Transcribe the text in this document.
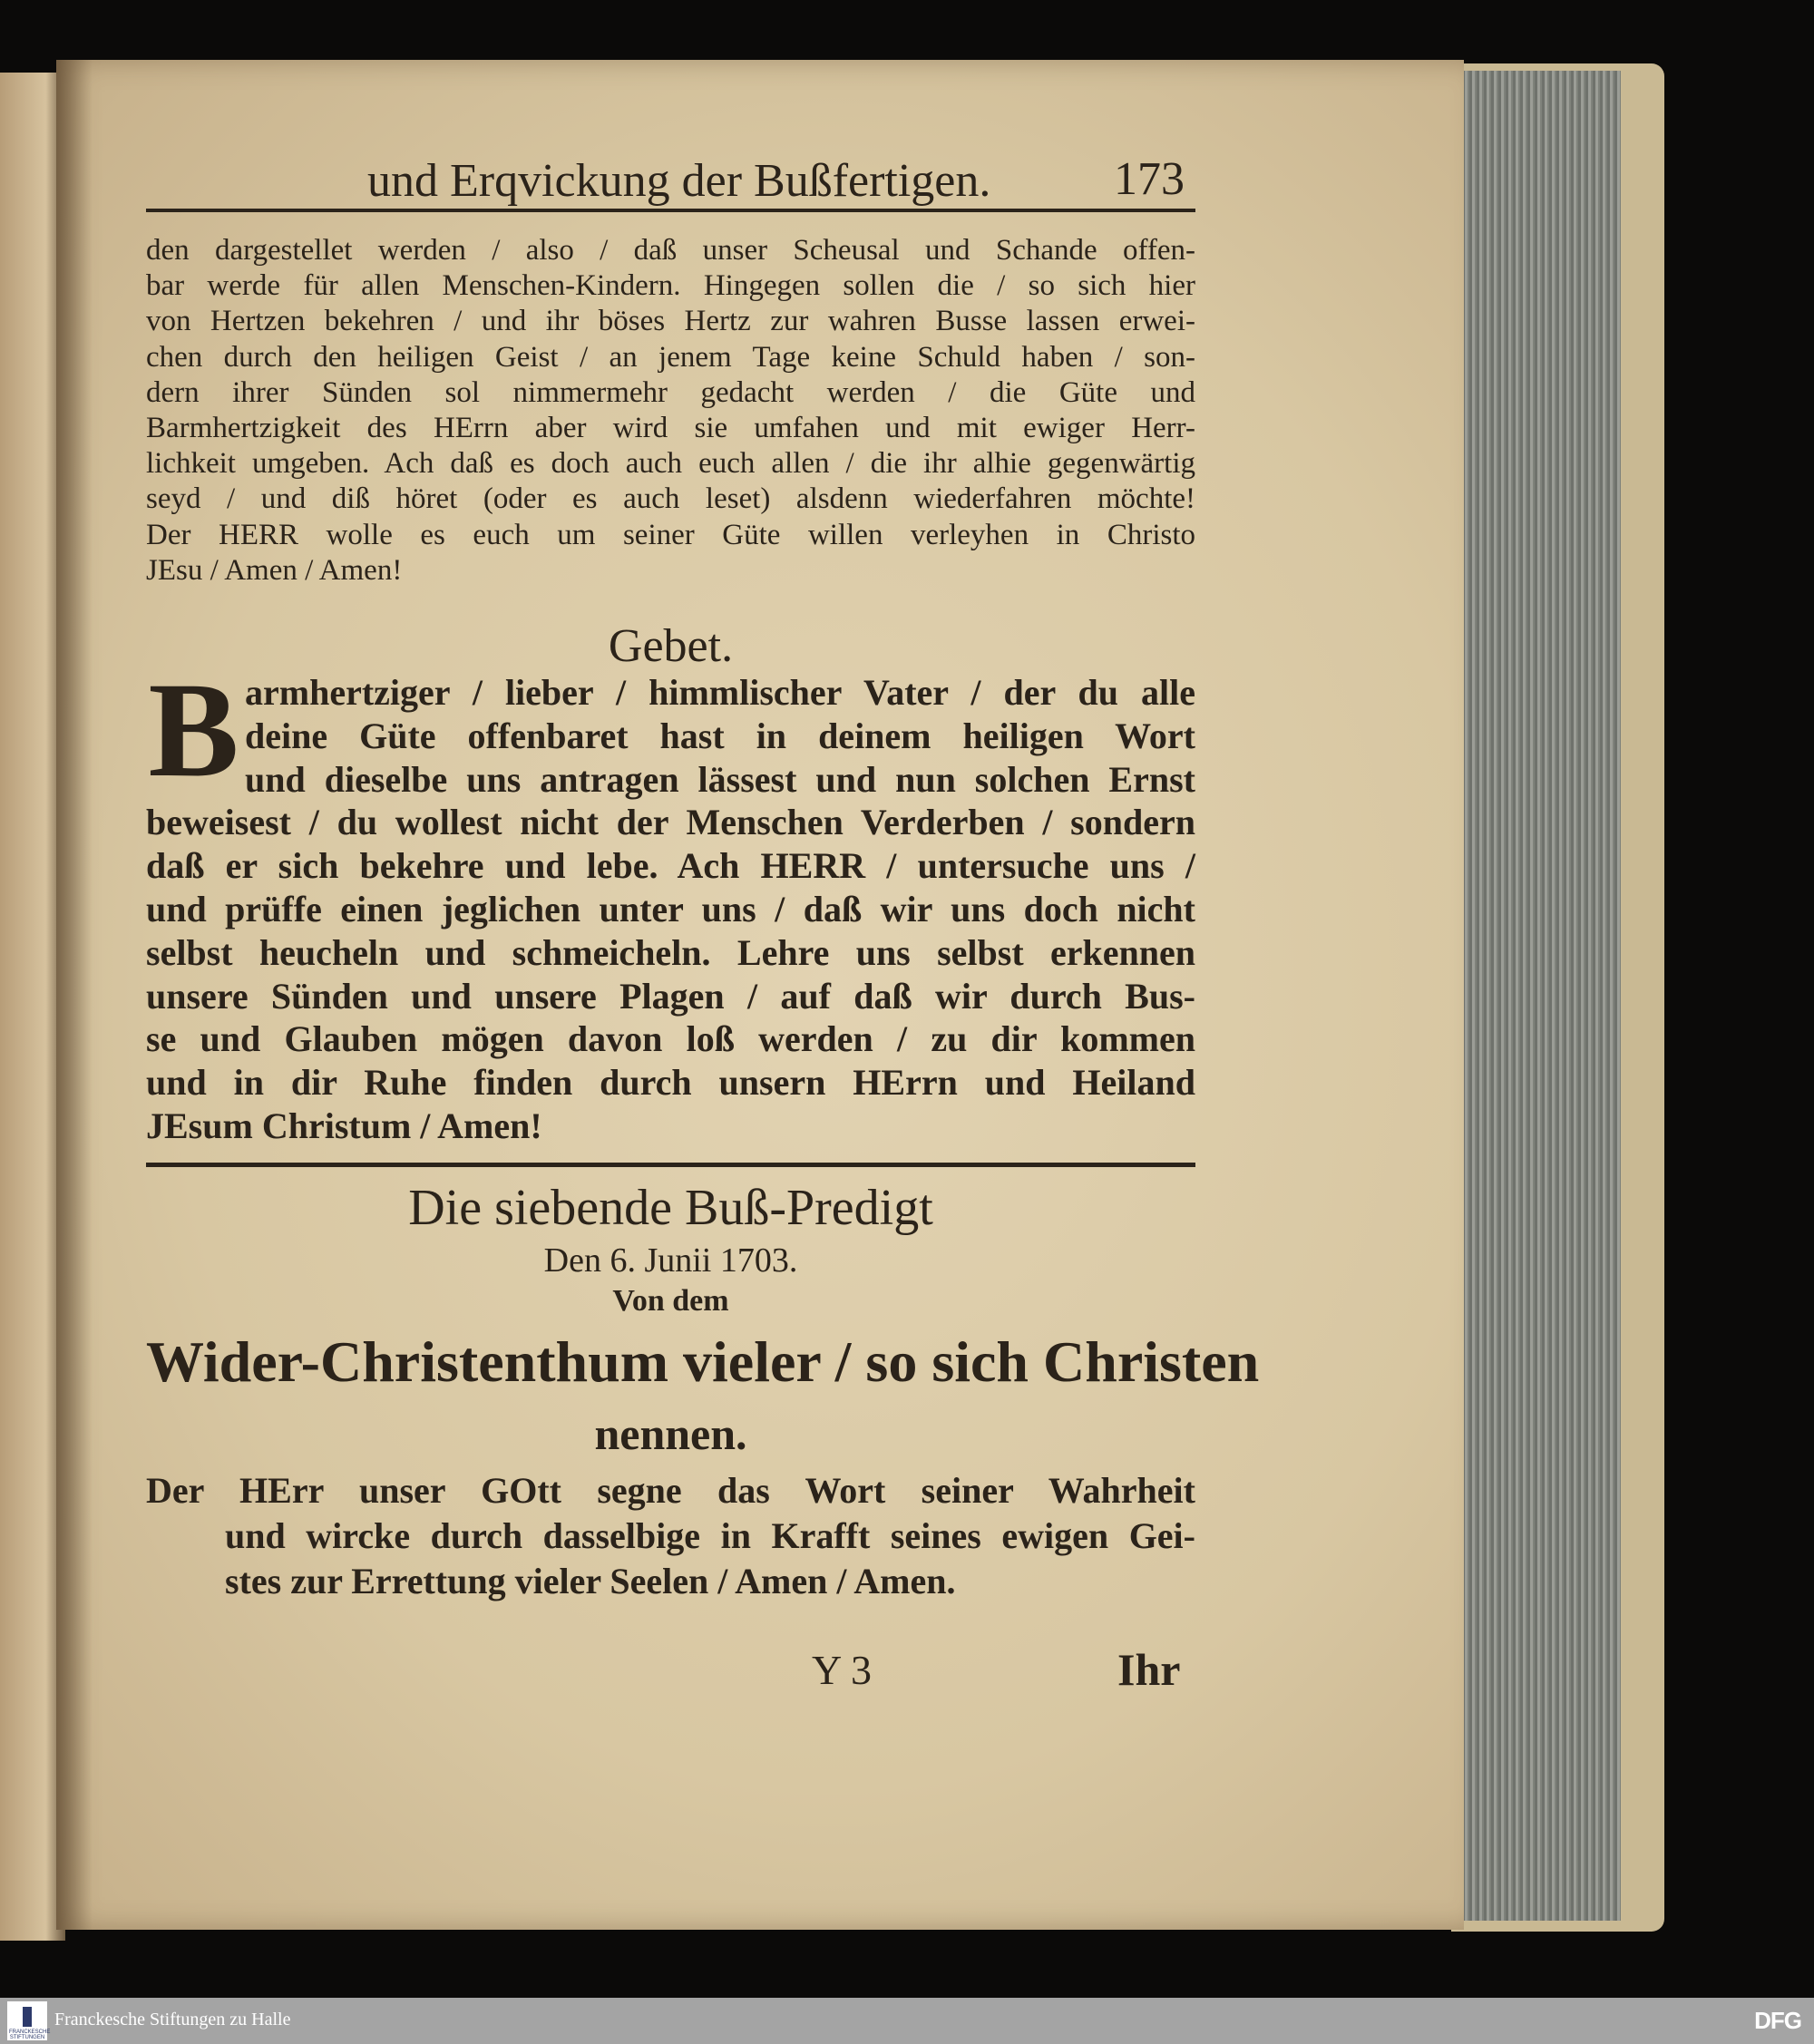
und Erqvickung der Bußfertigen.	173
den dargestellet werden / also / daß unser Scheusal und Schande offen-
bar werde für allen Menschen-Kindern. Hingegen sollen die / so sich hier
von Hertzen bekehren / und ihr böses Hertz zur wahren Busse lassen erwei-
chen durch den heiligen Geist / an jenem Tage keine Schuld haben / son-
dern ihrer Sünden sol nimmermehr gedacht werden / die Güte und
Barmhertzigkeit des HErrn aber wird sie umfahen und mit ewiger Herr-
lichkeit umgeben. Ach daß es doch auch euch allen / die ihr alhie gegenwärtig
seyd / und diß höret (oder es auch leset) alsdenn wiederfahren möchte!
Der HERR wolle es euch um seiner Güte willen verleyhen in Christo
JEsu / Amen / Amen!
Gebet.
B armhertziger / lieber / himmlischer Vater / der du alle
deine Güte offenbaret hast in deinem heiligen Wort
und dieselbe uns antragen lässest und nun solchen Ernst
beweisest / du wollest nicht der Menschen Verderben / sondern
daß er sich bekehre und lebe. Ach HERR / untersuche uns /
und prüffe einen jeglichen unter uns / daß wir uns doch nicht
selbst heucheln und schmeicheln. Lehre uns selbst erkennen
unsere Sünden und unsere Plagen / auf daß wir durch Bus-
se und Glauben mögen davon loß werden / zu dir kommen
und in dir Ruhe finden durch unsern HErrn und Heiland
JEsum Christum / Amen!
Die siebende Buß-Predigt
Den 6. Junii 1703.
Von dem
Wider-Christenthum vieler / so sich Christen
nennen.
Der HErr unser GOtt segne das Wort seiner Wahrheit
und wircke durch dasselbige in Krafft seines ewigen Gei-
stes zur Errettung vieler Seelen / Amen / Amen.
Y 3	Ihr
FRANCKESCHE STIFTUNGEN
Franckesche Stiftungen zu Halle	DFG
